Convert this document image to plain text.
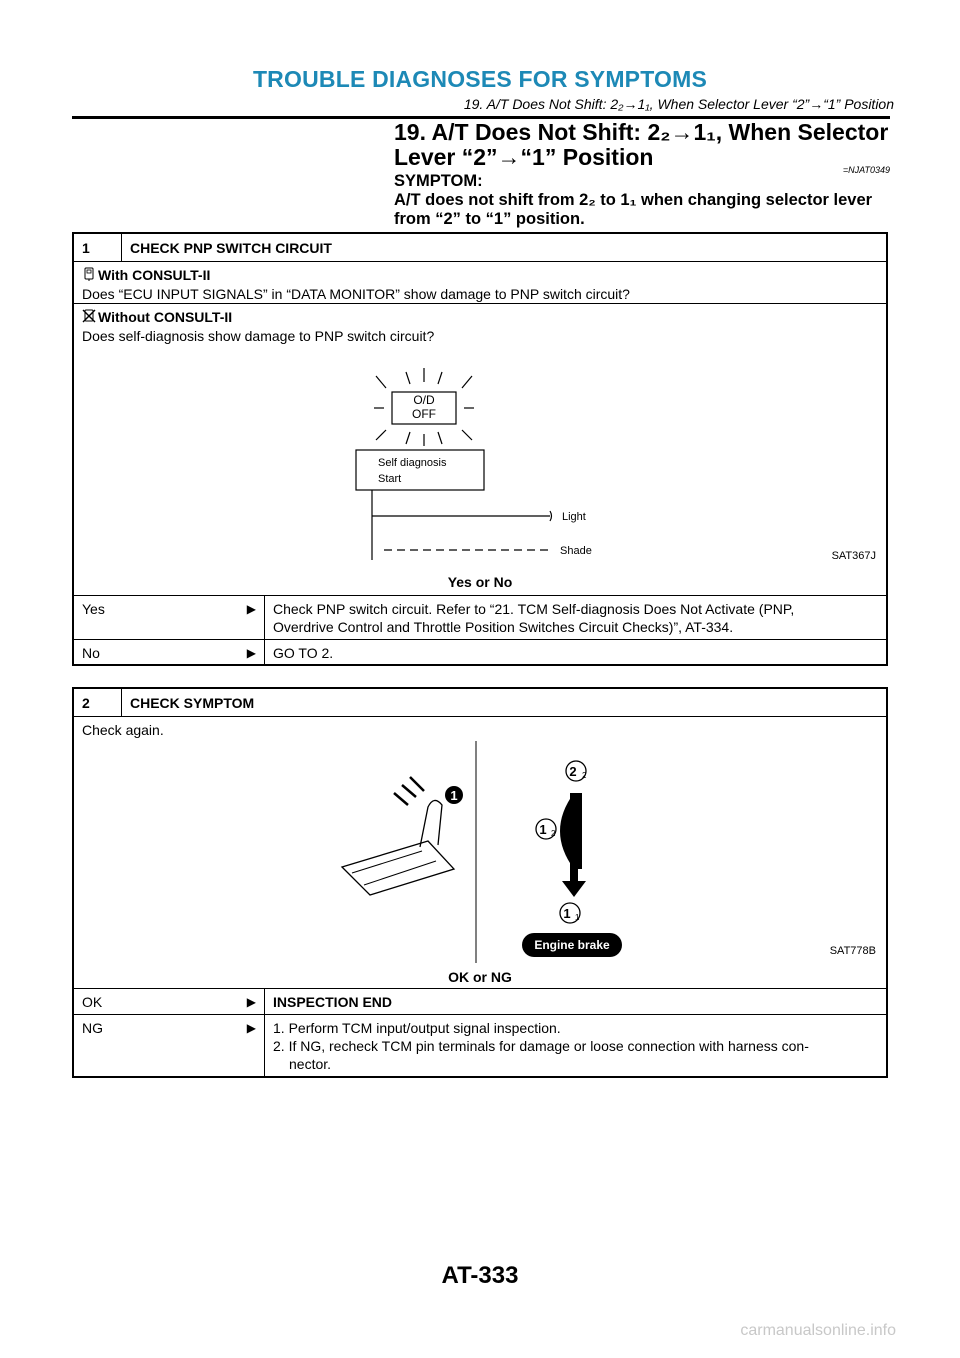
TROUBLE DIAGNOSES FOR SYMPTOMS
19. A/T Does Not Shift: 2₂→1₁, When Selector Lever “2”→“1” Position
19. A/T Does Not Shift: 2₂→1₁, When Selector
Lever “2”→“1” Position	=NJAT0349
SYMPTOM:
A/T does not shift from 2₂ to 1₁ when changing selector lever
from “2” to “1” position.
1	CHECK PNP SWITCH CIRCUIT
With CONSULT-II
Does “ECU INPUT SIGNALS” in “DATA MONITOR” show damage to PNP switch circuit?
Without CONSULT-II
Does self-diagnosis show damage to PNP switch circuit?
O/D
OFF
Self diagnosis
Start
Light
Shade	SAT367J
Yes or No
Yes	▶ Check PNP switch circuit. Refer to “21. TCM Self-diagnosis Does Not Activate (PNP,
Overdrive Control and Throttle Position Switches Circuit Checks)”, AT-334.
No	▶ GO TO 2.
2	CHECK SYMPTOM
Check again.
1
2 2
1 2
1 1
Engine brake	SAT778B
OK or NG
OK	▶ INSPECTION END
NG	▶ 1. Perform TCM input/output signal inspection.
2. If NG, recheck TCM pin terminals for damage or loose connection with harness con-
nector.
AT-333
carmanualsonline.info
